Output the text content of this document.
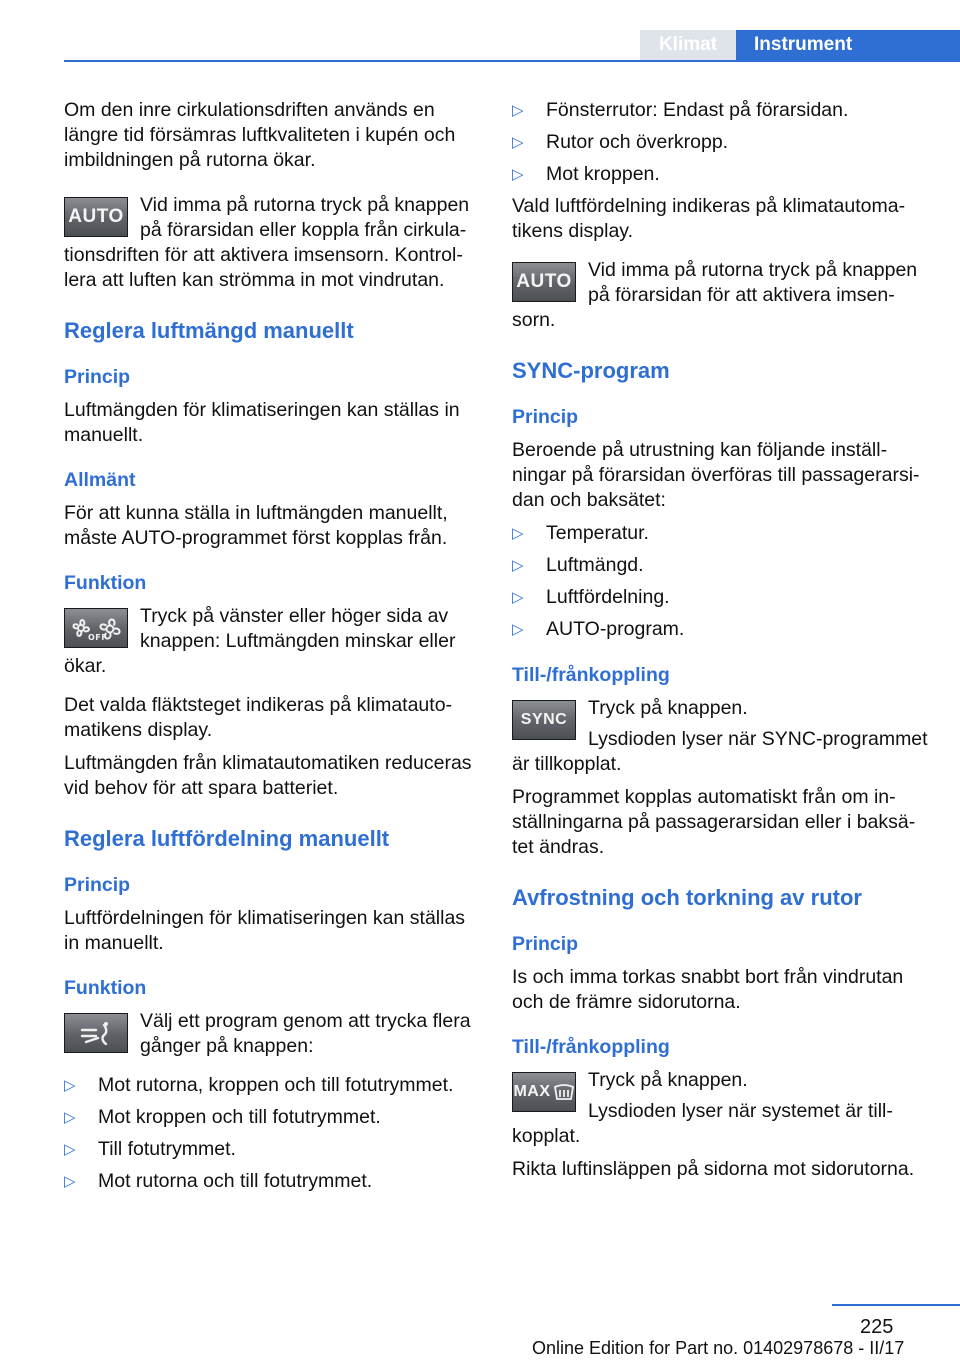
Klimat	Instrument

Om den inre cirkulationsdriften används en längre tid försämras luftkvaliteten i kupén och imbildningen på rutorna ökar.

AUTO

Vid imma på rutorna tryck på knappen på förarsidan eller koppla från cirkulationsdriften för att aktivera imsensorn. Kontrollera att luften kan strömma in mot vindrutan.

Reglera luftmängd manuellt
Princip

Luftmängden för klimatiseringen kan ställas in manuellt.

Allmänt

För att kunna ställa in luftmängden manuellt, måste AUTO-programmet först kopplas från.

Funktion
OFF

Tryck på vänster eller höger sida av knappen: Luftmängden minskar eller ökar.

Det valda fläktsteget indikeras på klimatautomatikens display.

Luftmängden från klimatautomatiken reduceras vid behov för att spara batteriet.

Reglera luftfördelning manuellt
Princip

Luftfördelningen för klimatiseringen kan ställas in manuellt.

Funktion

Välj ett program genom att trycka flera gånger på knappen:

▷ Mot rutorna, kroppen och till fotutrymmet.
▷ Mot kroppen och till fotutrymmet.
▷ Till fotutrymmet.
▷ Mot rutorna och till fotutrymmet.
▷ Fönsterrutor: Endast på förarsidan.
▷ Rutor och överkropp.
▷ Mot kroppen.

Vald luftfördelning indikeras på klimatautomatikens display.

AUTO

Vid imma på rutorna tryck på knappen på förarsidan för att aktivera imsensorn.

SYNC-program
Princip

Beroende på utrustning kan följande inställningar på förarsidan överföras till passagerarsidan och baksätet:

▷ Temperatur.
▷ Luftmängd.
▷ Luftfördelning.
▷ AUTO-program.
Till-/frånkoppling
SYNC

Tryck på knappen.

Lysdioden lyser när SYNC-programmet är tillkopplat.

Programmet kopplas automatiskt från om inställningarna på passagerarsidan eller i baksätet ändras.

Avfrostning och torkning av rutor
Princip

Is och imma torkas snabbt bort från vindrutan och de främre sidorutorna.

Till-/frånkoppling
MAX

Tryck på knappen.

Lysdioden lyser när systemet är tillkopplat.

Rikta luftinsläppen på sidorna mot sidorutorna.

225
Online Edition for Part no. 01402978678 - II/17
